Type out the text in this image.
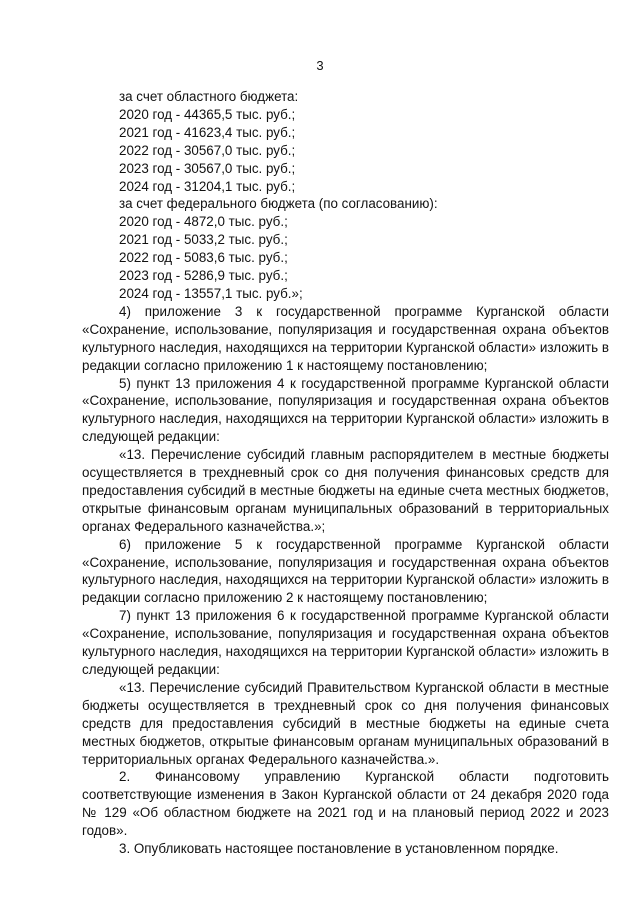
3
за счет областного бюджета:
2020 год - 44365,5 тыс. руб.;
2021 год - 41623,4 тыс. руб.;
2022 год - 30567,0 тыс. руб.;
2023 год - 30567,0 тыс. руб.;
2024 год - 31204,1 тыс. руб.;
за счет федерального бюджета (по согласованию):
2020 год - 4872,0 тыс. руб.;
2021 год - 5033,2 тыс. руб.;
2022 год - 5083,6 тыс. руб.;
2023 год - 5286,9 тыс. руб.;
2024 год - 13557,1 тыс. руб.»;

4) приложение 3 к государственной программе Курганской области «Сохранение, использование, популяризация и государственная охрана объектов культурного наследия, находящихся на территории Курганской области» изложить в редакции согласно приложению 1 к настоящему постановлению;

5) пункт 13 приложения 4 к государственной программе Курганской области «Сохранение, использование, популяризация и государственная охрана объектов культурного наследия, находящихся на территории Курганской области» изложить в следующей редакции:

«13. Перечисление субсидий главным распорядителем в местные бюджеты осуществляется в трехдневный срок со дня получения финансовых средств для предоставления субсидий в местные бюджеты на единые счета местных бюджетов, открытые финансовым органам муниципальных образований в территориальных органах Федерального казначейства.»;

6) приложение 5 к государственной программе Курганской области «Сохранение, использование, популяризация и государственная охрана объектов культурного наследия, находящихся на территории Курганской области» изложить в редакции согласно приложению 2 к настоящему постановлению;

7) пункт 13 приложения 6 к государственной программе Курганской области «Сохранение, использование, популяризация и государственная охрана объектов культурного наследия, находящихся на территории Курганской области» изложить в следующей редакции:

«13. Перечисление субсидий Правительством Курганской области в местные бюджеты осуществляется в трехдневный срок со дня получения финансовых средств для предоставления субсидий в местные бюджеты на единые счета местных бюджетов, открытые финансовым органам муниципальных образований в территориальных органах Федерального казначейства.».

2. Финансовому управлению Курганской области подготовить соответствующие изменения в Закон Курганской области от 24 декабря 2020 года № 129 «Об областном бюджете на 2021 год и на плановый период 2022 и 2023 годов».

3. Опубликовать настоящее постановление в установленном порядке.
